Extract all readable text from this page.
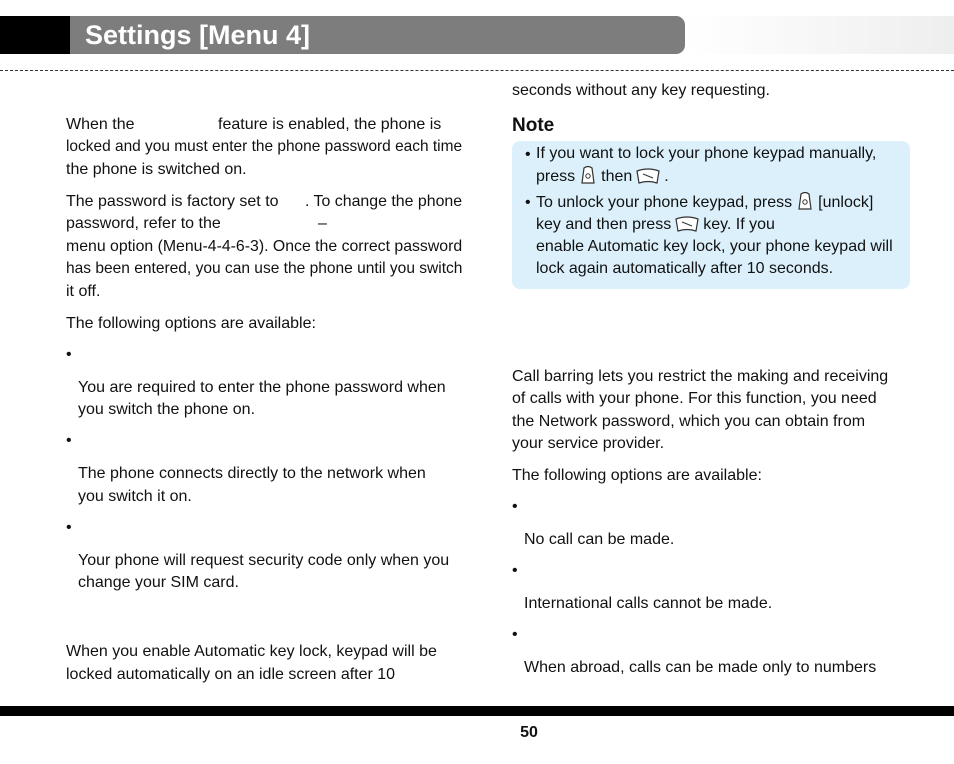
Settings [Menu 4]
When the	feature is enabled, the phone is
locked and you must enter the phone password each time
the phone is switched on.
The password is factory set to . To change the phone
password, refer to the	–
menu option (Menu-4-4-6-3). Once the correct password
has been entered, you can use the phone until you switch
it off.
The following options are available:
•
You are required to enter the phone password when
you switch the phone on.
•
The phone connects directly to the network when
you switch it on.
•
Your phone will request security code only when you
change your SIM card.
When you enable Automatic key lock, keypad will be
locked automatically on an idle screen after 10
seconds without any key requesting.
Note
• If you want to lock your phone keypad manually,
press then .
• To unlock your phone keypad, press [unlock]
key and then press key. If you
enable Automatic key lock, your phone keypad will
lock again automatically after 10 seconds.
Call barring lets you restrict the making and receiving
of calls with your phone. For this function, you need
the Network password, which you can obtain from
your service provider.
The following options are available:
•
No call can be made.
•
International calls cannot be made.
•
When abroad, calls can be made only to numbers
50
